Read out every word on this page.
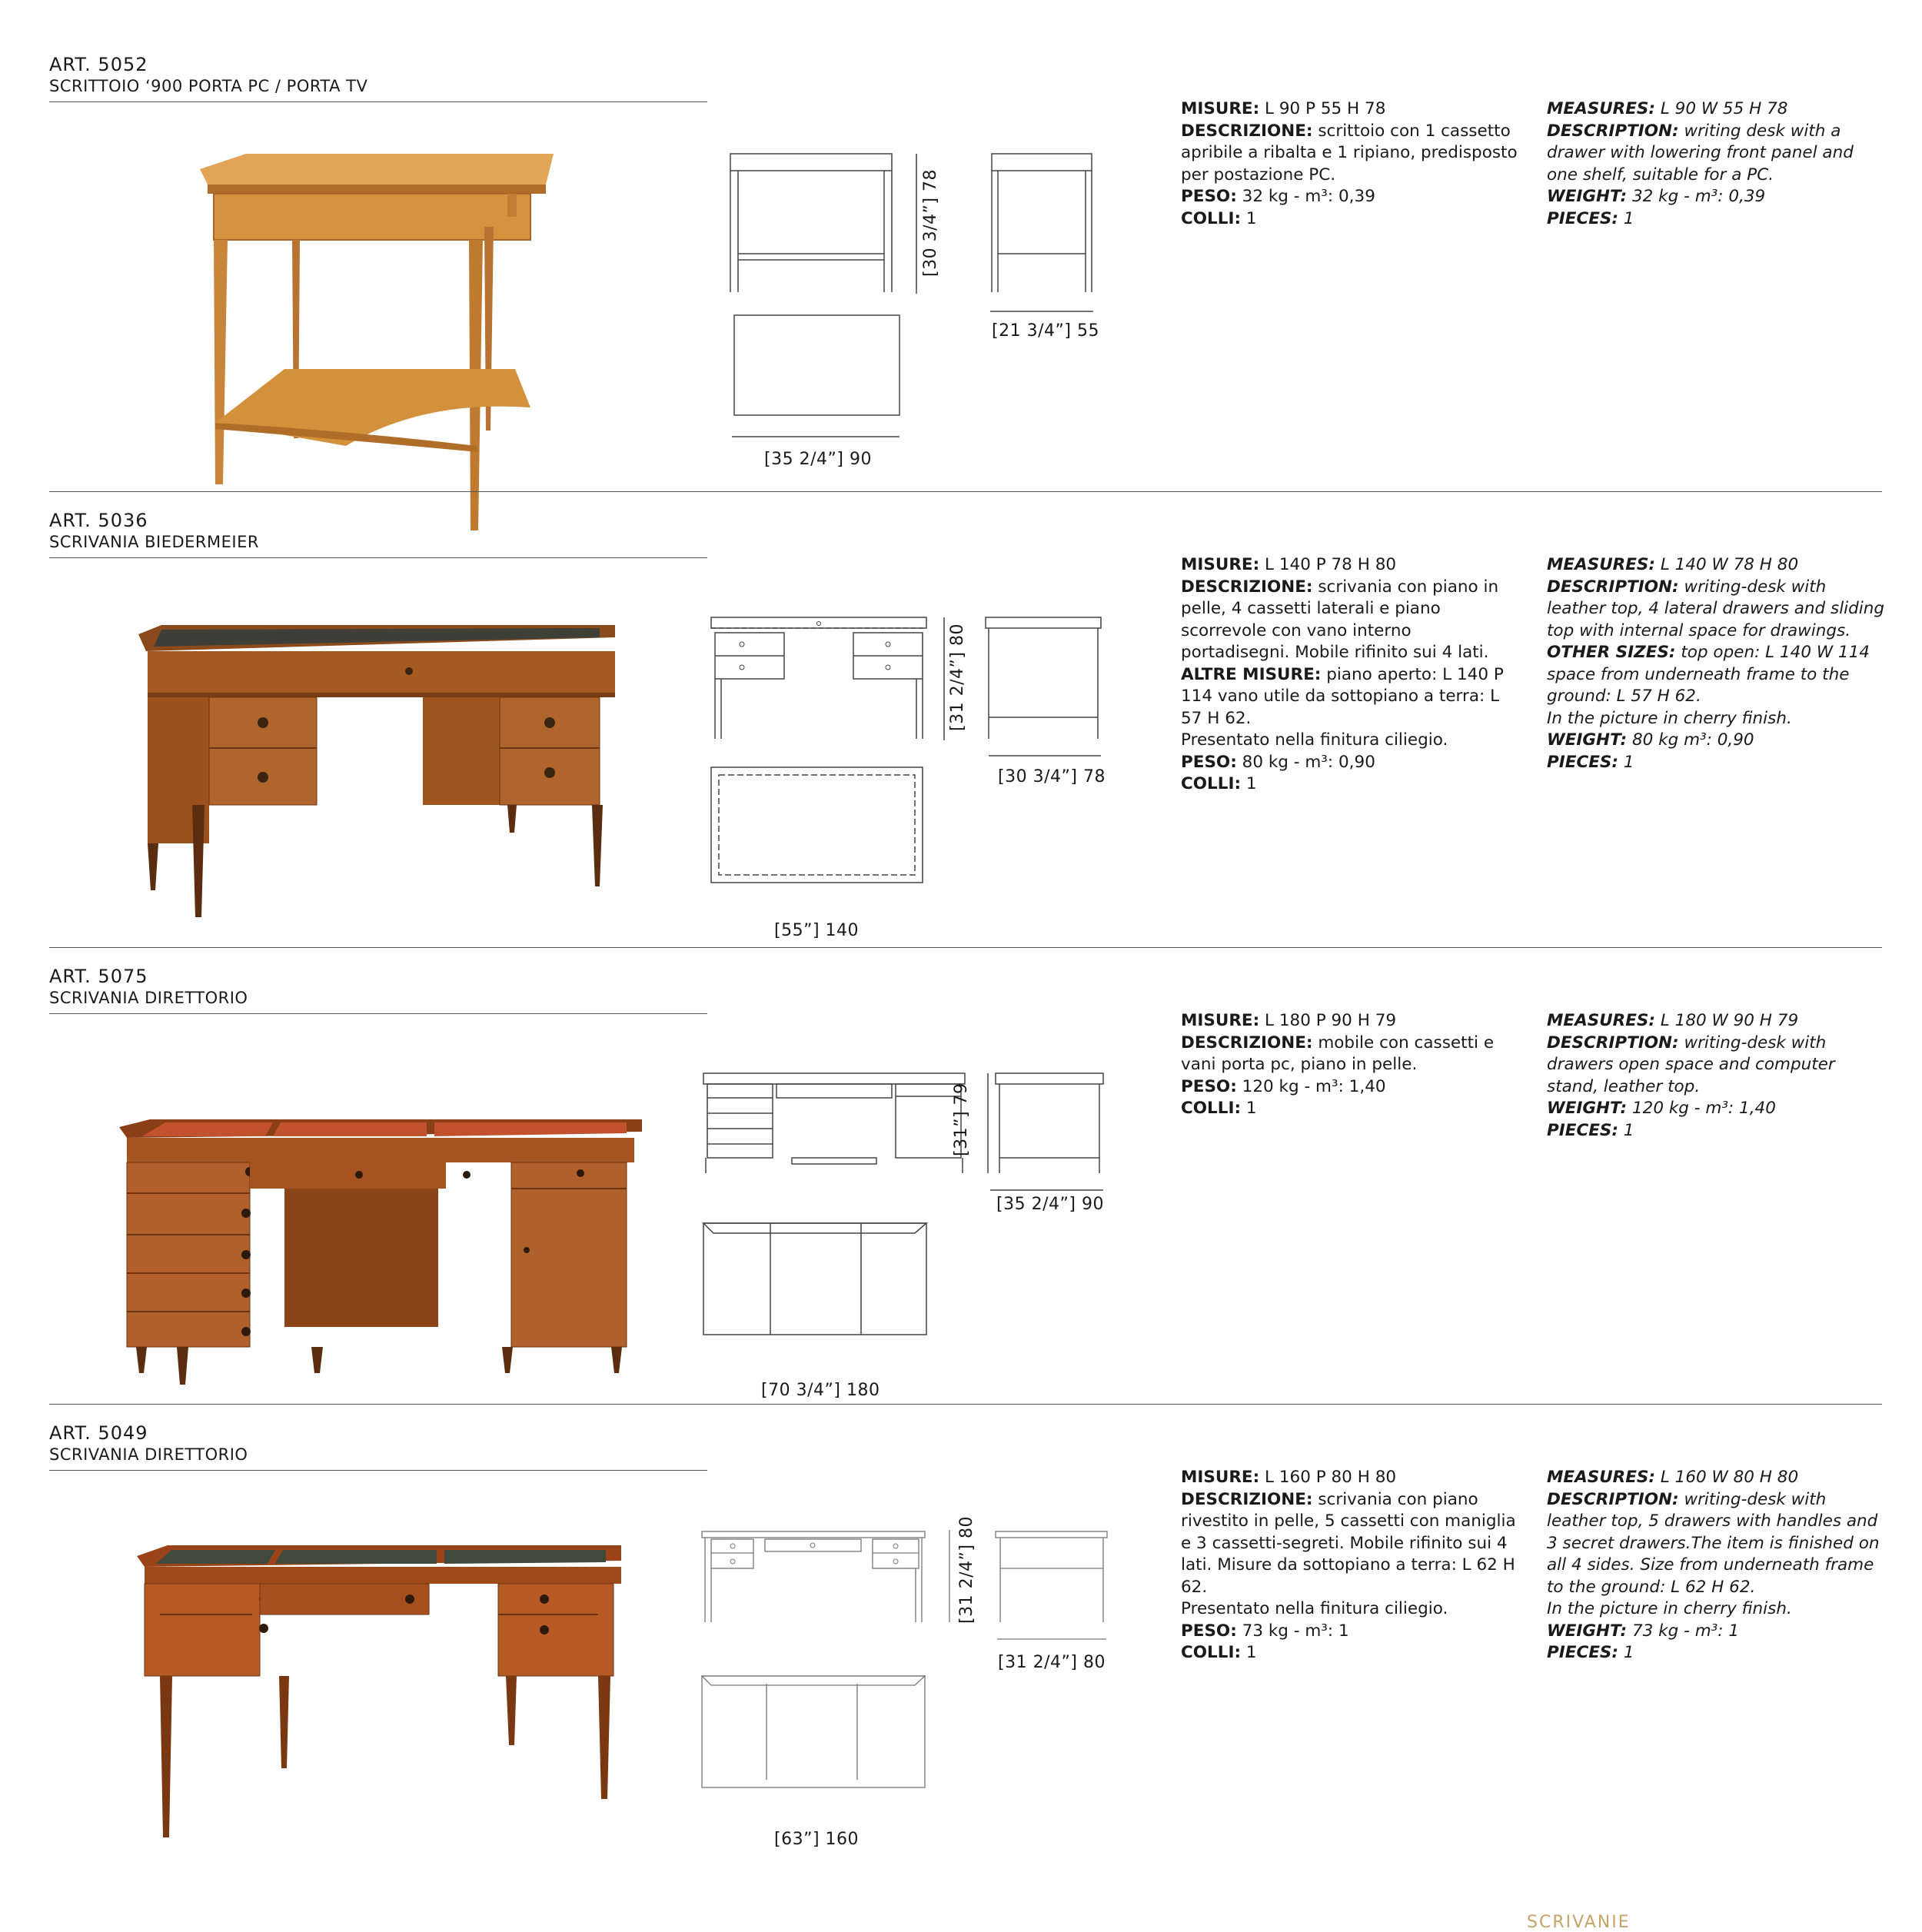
ART. 5052
SCRITTOIO ‘900 PORTA PC / PORTA TV
[30 3/4”] 78
[21 3/4”] 55
[35 2/4”] 90

MISURE: L 90 P 55 H 78

DESCRIZIONE: scrittoio con 1 cassetto apribile a ribalta e 1 ripiano, predisposto per postazione PC.

PESO: 32 kg - m³: 0,39

COLLI: 1

MEASURES: L 90 W 55 H 78

DESCRIPTION: writing desk with a drawer with lowering front panel and one shelf, suitable for a PC.

WEIGHT: 32 kg - m³: 0,39

PIECES: 1

ART. 5036
SCRIVANIA BIEDERMEIER
[31 2/4”] 80
[30 3/4”] 78
[55”] 140

MISURE: L 140 P 78 H 80

DESCRIZIONE: scrivania con piano in pelle, 4 cassetti laterali e piano scorrevole con vano interno portadisegni. Mobile rifinito sui 4 lati.

ALTRE MISURE: piano aperto: L 140 P 114 vano utile da sottopiano a terra: L 57 H 62.

Presentato nella finitura ciliegio.

PESO: 80 kg - m³: 0,90

COLLI: 1

MEASURES: L 140 W 78 H 80

DESCRIPTION: writing-desk with leather top, 4 lateral drawers and sliding top with internal space for drawings.

OTHER SIZES: top open: L 140 W 114 space from underneath frame to the ground: L 57 H 62.

In the picture in cherry finish.

WEIGHT: 80 kg m³: 0,90

PIECES: 1

ART. 5075
SCRIVANIA DIRETTORIO
[31”] 79
[35 2/4”] 90
[70 3/4”] 180

MISURE: L 180 P 90 H 79

DESCRIZIONE: mobile con cassetti e vani porta pc, piano in pelle.

PESO: 120 kg - m³: 1,40

COLLI: 1

MEASURES: L 180 W 90 H 79

DESCRIPTION: writing-desk with drawers open space and computer stand, leather top.

WEIGHT: 120 kg - m³: 1,40

PIECES: 1

ART. 5049
SCRIVANIA DIRETTORIO
[31 2/4”] 80
[31 2/4”] 80
[63”] 160

MISURE: L 160 P 80 H 80

DESCRIZIONE: scrivania con piano rivestito in pelle, 5 cassetti con maniglia e 3 cassetti-segreti. Mobile rifinito sui 4 lati. Misure da sottopiano a terra: L 62 H 62.

Presentato nella finitura ciliegio.

PESO: 73 kg - m³: 1

COLLI: 1

MEASURES: L 160 W 80 H 80

DESCRIPTION: writing-desk with leather top, 5 drawers with handles and 3 secret drawers.The item is finished on all 4 sides. Size from underneath frame to the ground: L 62 H 62.

In the picture in cherry finish.

WEIGHT: 73 kg - m³: 1

PIECES: 1

SCRIVANIE
